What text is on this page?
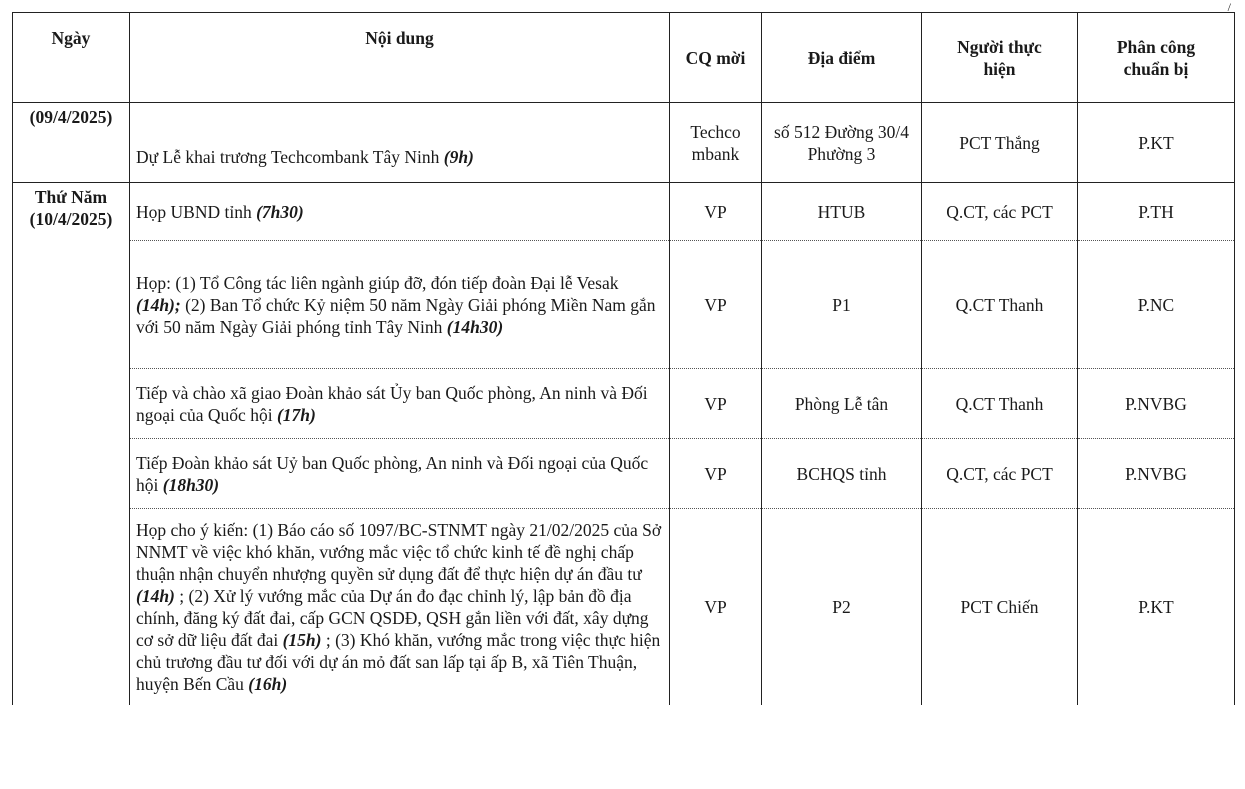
/
Ngày	Nội dung	CQ mời	Địa điểm	Người thực hiện	Phân công chuẩn bị
(09/4/2025)	Dự Lễ khai trương Techcombank Tây Ninh (9h)	Techcombank	số 512 Đường 30/4 Phường 3	PCT Thắng	P.KT

Thứ Năm
(10/4/2025)	Họp UBND tỉnh (7h30)	VP	HTUB	Q.CT, các PCT	P.TH
	Họp: (1) Tổ Công tác liên ngành giúp đỡ, đón tiếp đoàn Đại lễ Vesak (14h); (2) Ban Tổ chức Kỷ niệm 50 năm Ngày Giải phóng Miền Nam gắn với 50 năm Ngày Giải phóng tỉnh Tây Ninh (14h30)	VP	P1	Q.CT Thanh	P.NC
	Tiếp và chào xã giao Đoàn khảo sát Ủy ban Quốc phòng, An ninh và Đối ngoại của Quốc hội (17h)	VP	Phòng Lễ tân	Q.CT Thanh	P.NVBG
	Tiếp Đoàn khảo sát Uỷ ban Quốc phòng, An ninh và Đối ngoại của Quốc hội (18h30)	VP	BCHQS tỉnh	Q.CT, các PCT	P.NVBG
	Họp cho ý kiến: (1) Báo cáo số 1097/BC-STNMT ngày 21/02/2025 của Sở NNMT về việc khó khăn, vướng mắc việc tổ chức kinh tế đề nghị chấp thuận nhận chuyển nhượng quyền sử dụng đất để thực hiện dự án đầu tư (14h) ; (2) Xử lý vướng mắc của Dự án đo đạc chỉnh lý, lập bản đồ địa chính, đăng ký đất đai, cấp GCN QSDĐ, QSH gắn liền với đất, xây dựng cơ sở dữ liệu đất đai (15h) ; (3) Khó khăn, vướng mắc trong việc thực hiện chủ trương đầu tư đối với dự án mỏ đất san lấp tại ấp B, xã Tiên Thuận, huyện Bến Cầu (16h)	VP	P2	PCT Chiến	P.KT
